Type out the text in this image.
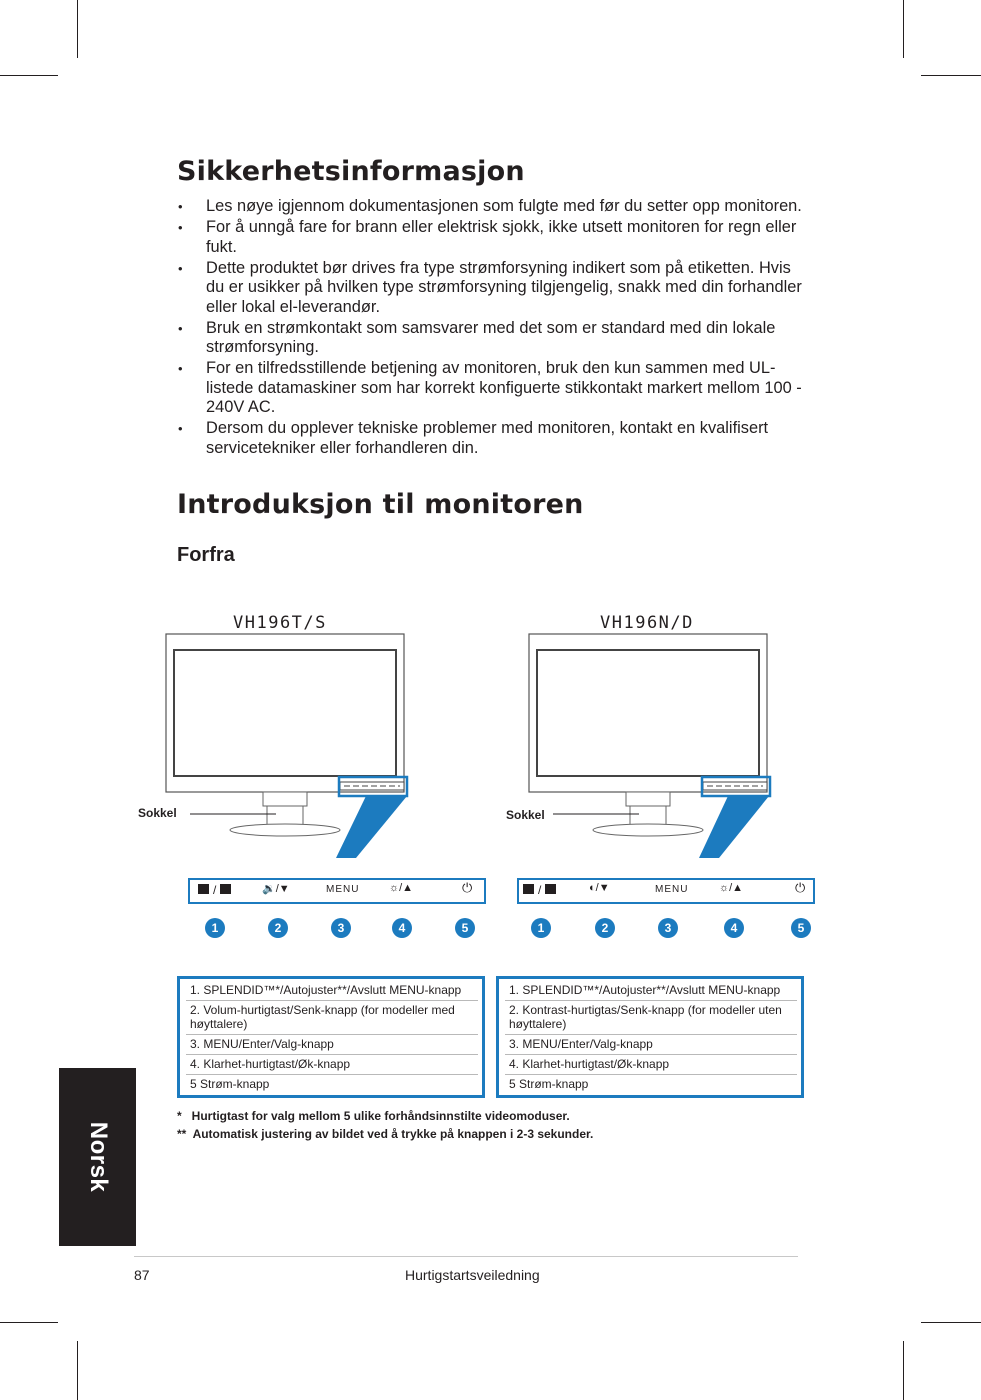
Sikkerhetsinformasjon
• Les nøye igjennom dokumentasjonen som fulgte med før du setter opp monitoren.
• For å unngå fare for brann eller elektrisk sjokk, ikke utsett monitoren for regn eller fukt.
• Dette produktet bør drives fra type strømforsyning indikert som på etiketten. Hvis du er usikker på hvilken type strømforsyning tilgjengelig, snakk med din forhandler eller lokal el-leverandør.
• Bruk en strømkontakt som samsvarer med det som er standard med din lokale strømforsyning.
• For en tilfredsstillende betjening av monitoren, bruk den kun sammen med UL-listede datamaskiner som har korrekt konfiguerte stikkontakt markert mellom 100 - 240V AC.
• Dersom du opplever tekniske problemer med monitoren, kontakt en kvalifisert servicetekniker eller forhandleren din.
Introduksjon til monitoren
Forfra
VH196T/S
Sokkel
/	🔉/▼	MENU	☼/▲	⏻
1	2	3	4	5
1. SPLENDID™*/Autojuster**/Avslutt MENU-knapp
2. Volum-hurtigtast/Senk-knapp (for modeller med høyttalere)
3. MENU/Enter/Valg-knapp
4. Klarhet-hurtigtast/Øk-knapp
5 Strøm-knapp
VH196N/D
Sokkel
/	◐/▼	MENU	☼/▲	⏻
1	2	3	4	5
1. SPLENDID™*/Autojuster**/Avslutt MENU-knapp
2. Kontrast-hurtigtas/Senk-knapp (for modeller uten høyttalere)
3. MENU/Enter/Valg-knapp
4. Klarhet-hurtigtast/Øk-knapp
5 Strøm-knapp
*   Hurtigtast for valg mellom 5 ulike forhåndsinnstilte videomoduser.
**  Automatisk justering av bildet ved å trykke på knappen i 2-3 sekunder.
Norsk
87	Hurtigstartsveiledning
